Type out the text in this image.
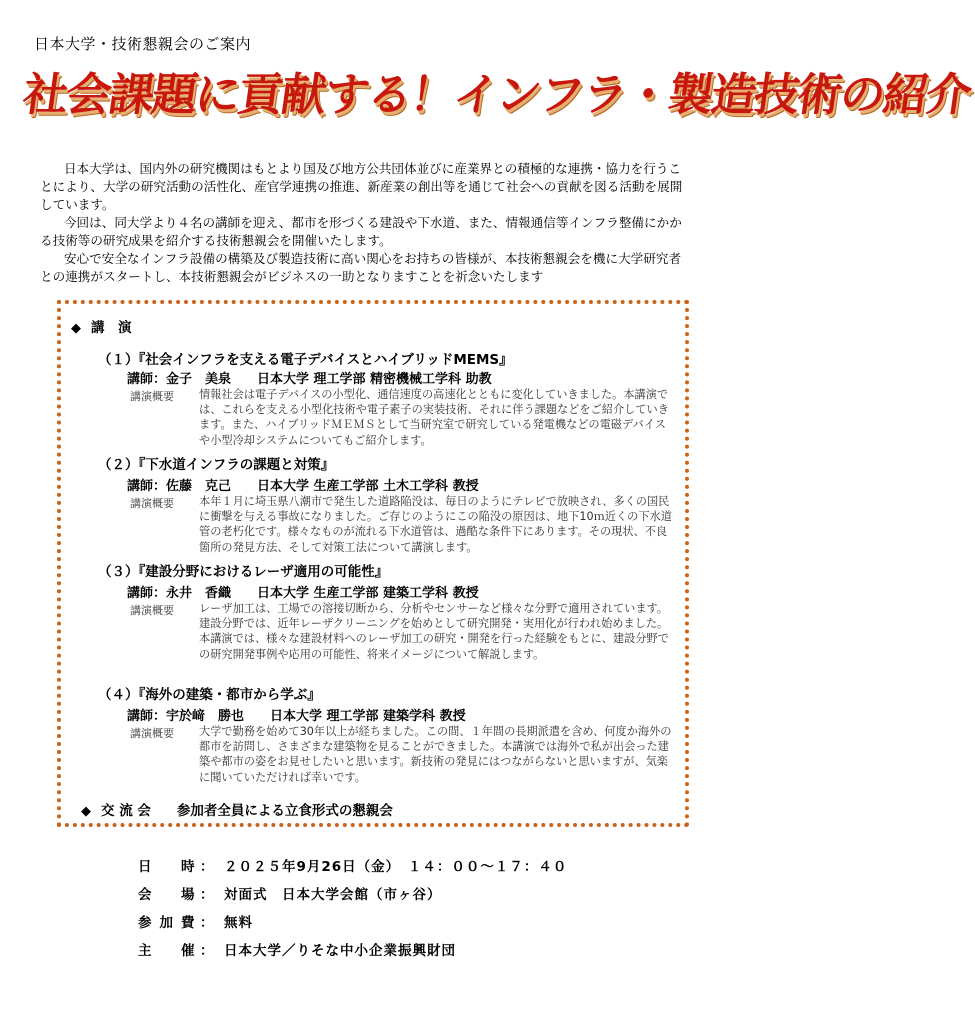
日本大学・技術懇親会のご案内
社会課題に貢献する！インフラ・製造技術の紹介

日本大学は、国内外の研究機関はもとより国及び地方公共団体並びに産業界との積極的な連携・協力を行うことにより、大学の研究活動の活性化、産官学連携の推進、新産業の創出等を通じて社会への貢献を図る活動を展開しています。

今回は、同大学より４名の講師を迎え、都市を形づくる建設や下水道、また、情報通信等インフラ整備にかかる技術等の研究成果を紹介する技術懇親会を開催いたします。

安心で安全なインフラ設備の構築及び製造技術に高い関心をお持ちの皆様が、本技術懇親会を機に大学研究者との連携がスタートし、本技術懇親会がビジネスの一助となりますことを祈念いたします

◆ 講　演
（１）『社会インフラを支える電子デバイスとハイブリッドMEMS』
講師：金子　美泉　　日本大学 理工学部 精密機械工学科 助教
講演概要 情報社会は電子デバイスの小型化、通信速度の高速化とともに変化していきました。本講演では、これらを支える小型化技術や電子素子の実装技術、それに伴う課題などをご紹介していきます。また、ハイブリッドＭＥＭＳとして当研究室で研究している発電機などの電磁デバイスや小型冷却システムについてもご紹介します。
（２）『下水道インフラの課題と対策』
講師：佐藤　克己　　日本大学 生産工学部 土木工学科 教授
講演概要 本年１月に埼玉県八潮市で発生した道路陥没は、毎日のようにテレビで放映され、多くの国民に衝撃を与える事故になりました。ご存じのようにこの陥没の原因は、地下10ｍ近くの下水道管の老朽化です。様々なものが流れる下水道管は、過酷な条件下にあります。その現状、不良箇所の発見方法、そして対策工法について講演します。
（３）『建設分野におけるレーザ適用の可能性』
講師：永井　香織　　日本大学 生産工学部 建築工学科 教授
講演概要 レーザ加工は、工場での溶接切断から、分析やセンサーなど様々な分野で適用されています。建設分野では、近年レーザクリーニングを始めとして研究開発・実用化が行われ始めました。本講演では、様々な建設材料へのレーザ加工の研究・開発を行った経験をもとに、建設分野での研究開発事例や応用の可能性、将来イメージについて解説します。
（４）『海外の建築・都市から学ぶ』
講師：宇於﨑　勝也　　日本大学 理工学部 建築学科 教授
講演概要 大学で勤務を始めて30年以上が経ちました。この間、１年間の長期派遣を含め、何度か海外の都市を訪問し、さまざまな建築物を見ることができました。本講演では海外で私が出会った建築や都市の姿をお見せしたいと思います。新技術の発見にはつながらないと思いますが、気楽に聞いていただければ幸いです。
◆ 交 流 会 参加者全員による立食形式の懇親会
日　時
： ２０２５年9月26日（金）　１４：００～１７：４０
会　場
： 対面式　日本大学会館（市ヶ谷）
参加費
： 無料
主　催
： 日本大学／りそな中小企業振興財団
